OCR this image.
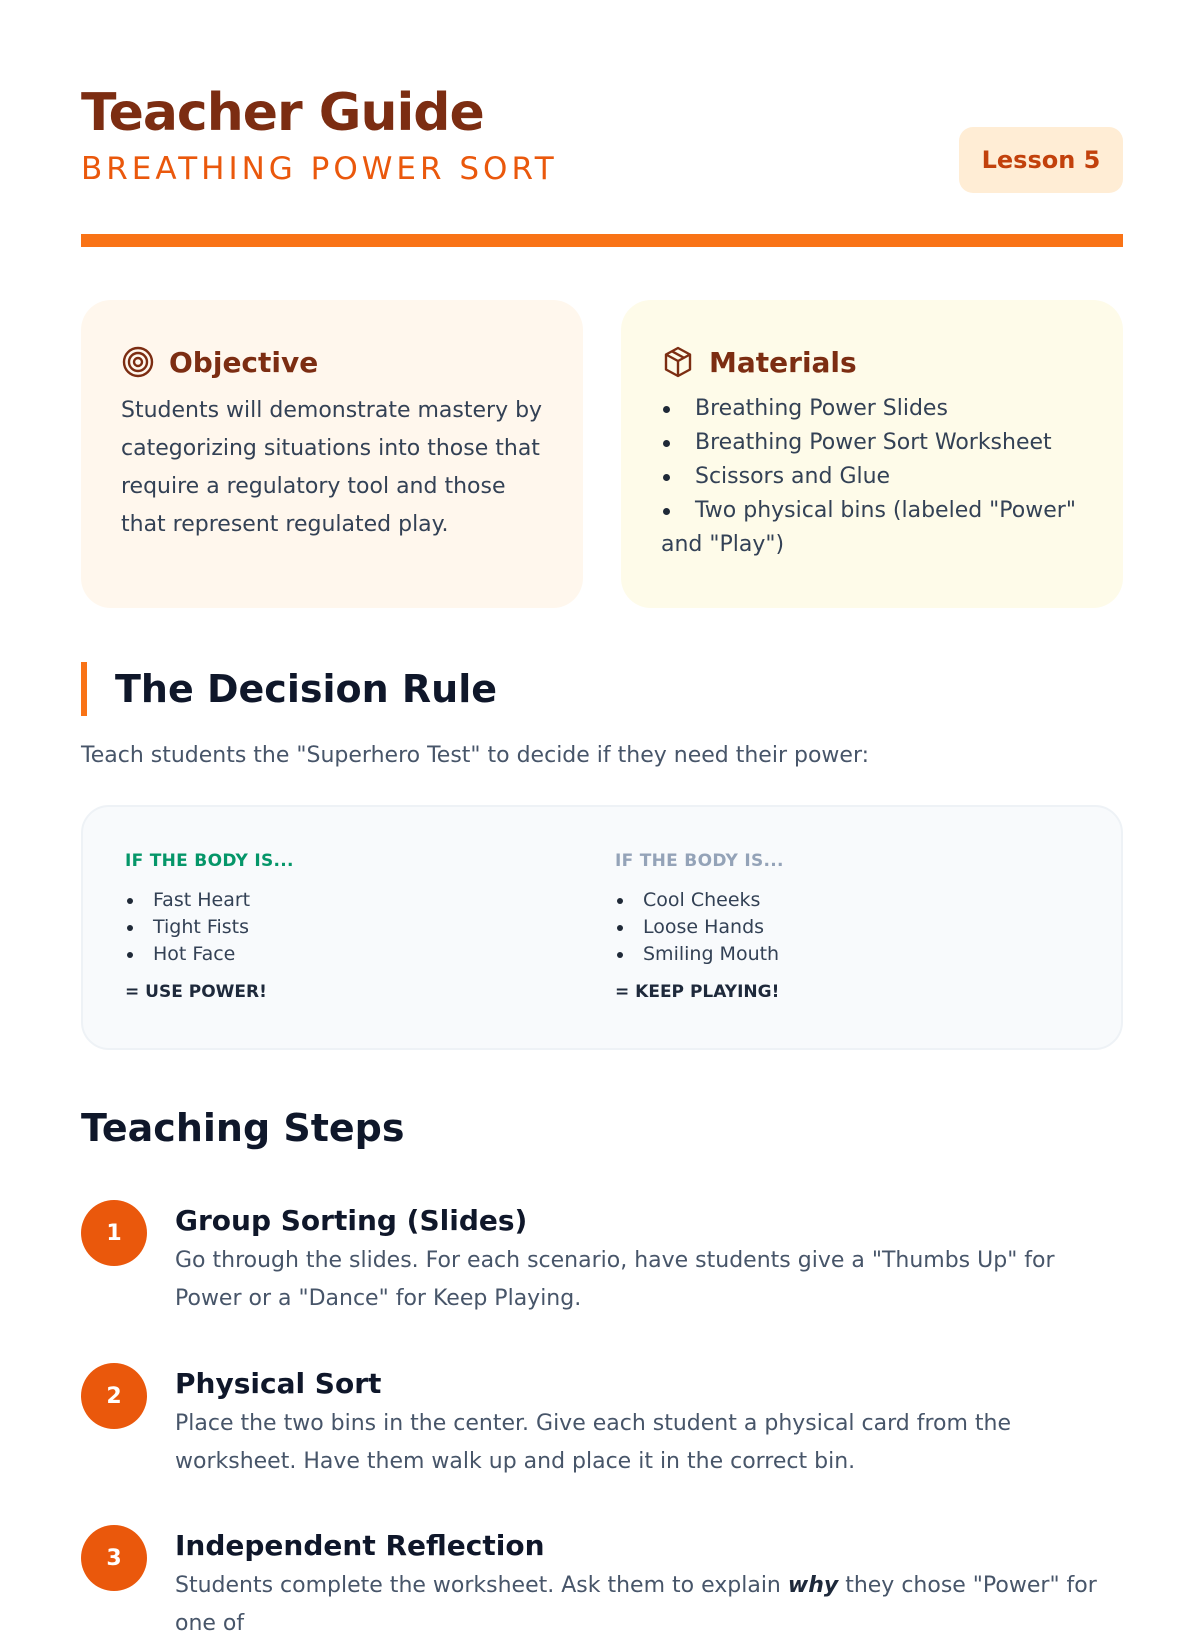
Teacher Guide
BREATHING POWER SORT	Lesson 5
Objective

Students will demonstrate mastery by categorizing situations into those that require a regulatory tool and those that represent regulated play.

Materials
Breathing Power Slides
Breathing Power Sort Worksheet
Scissors and Glue
Two physical bins (labeled "Power" and "Play")
The Decision Rule
Teach students the "Superhero Test" to decide if they need their power:
IF THE BODY IS...
Fast Heart
Tight Fists
Hot Face
= USE POWER!
IF THE BODY IS...
Cool Cheeks
Loose Hands
Smiling Mouth
= KEEP PLAYING!
Teaching Steps
1	Group Sorting (Slides)
Go through the slides. For each scenario, have students give a "Thumbs Up" for Power or a "Dance" for Keep Playing.
2	Physical Sort
Place the two bins in the center. Give each student a physical card from the worksheet. Have them walk up and place it in the correct bin.
3	Independent Reflection
Students complete the worksheet. Ask them to explain why they chose "Power" for one of
